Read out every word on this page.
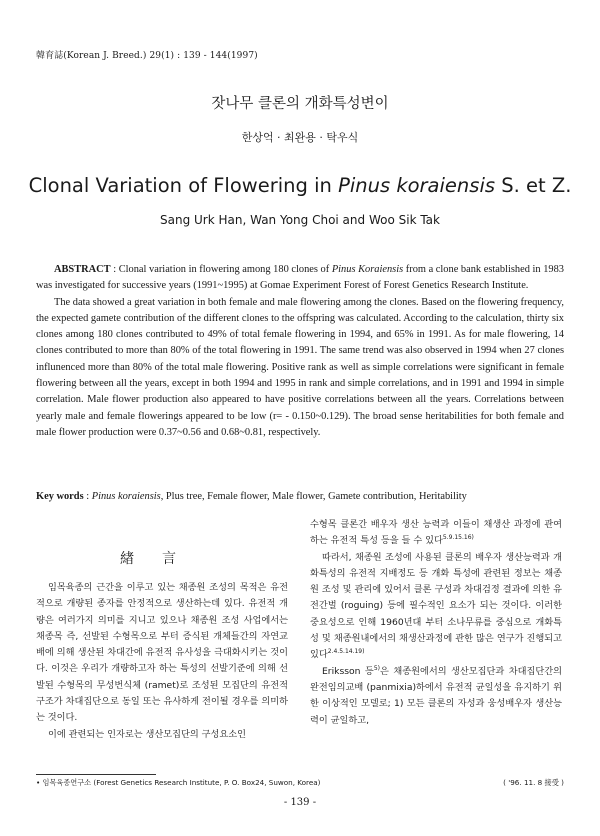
韓育誌(Korean J. Breed.) 29(1) : 139 - 144(1997)
잣나무 클론의 개화특성변이
한상억 · 최완용 · 탁우식
Clonal Variation of Flowering in Pinus koraiensis S. et Z.
Sang Urk Han, Wan Yong Choi and Woo Sik Tak

ABSTRACT : Clonal variation in flowering among 180 clones of Pinus Koraiensis from a clone bank established in 1983 was investigated for successive years (1991~1995) at Gomae Experiment Forest of Forest Genetics Research Institute.

The data showed a great variation in both female and male flowering among the clones. Based on the flowering frequency, the expected gamete contribution of the different clones to the offspring was calculated. According to the calculation, thirty six clones among 180 clones contributed to 49% of total female flowering in 1994, and 65% in 1991. As for male flowering, 14 clones contributed to more than 80% of the total flowering in 1991. The same trend was also observed in 1994 when 27 clones influnenced more than 80% of the total male flowering. Positive rank as well as simple correlations were significant in female flowering between all the years, except in both 1994 and 1995 in rank and simple correlations, and in 1991 and 1994 in simple correlation. Male flower production also appeared to have positive correlations between all the years. Correlations between yearly male and female flowerings appeared to be low (r= - 0.150~0.129). The broad sense heritabilities for both female and male flower production were 0.37~0.56 and 0.68~0.81, respectively.

Key words : Pinus koraiensis, Plus tree, Female flower, Male flower, Gamete contribution, Heritability
緖言

임목육종의 근간을 이루고 있는 채종원 조성의 목적은 유전적으로 개량된 종자를 안정적으로 생산하는데 있다. 유전적 개량은 여러가지 의미를 지니고 있으나 채종원 조성 사업에서는 채종목 즉, 선발된 수형목으로 부터 증식된 개체들간의 자연교배에 의해 생산된 차대간에 유전적 유사성을 극대화시키는 것이다. 이것은 우리가 개량하고자 하는 특성의 선발기준에 의해 선발된 수형목의 무성번식체 (ramet)로 조성된 모집단의 유전적 구조가 차대집단으로 동일 또는 유사하게 전이될 경우를 의미하는 것이다.

이에 관련되는 인자로는 생산모집단의 구성요소인

수형목 클론간 배우자 생산 능력과 이들이 채생산 과정에 관여하는 유전적 특성 등을 들 수 있다$^{5.9.15.16)}$

따라서, 채종원 조성에 사용된 클론의 배우자 생산능력과 개화특성의 유전적 지배정도 등 개화 특성에 관련된 정보는 채종원 조성 및 관리에 있어서 클론 구성과 차대검정 결과에 의한 유전간벌 (roguing) 등에 필수적인 요소가 되는 것이다. 이러한 중요성으로 인해 1960년대 부터 소나무류를 중심으로 개화특성 및 채종원내에서의 채생산과정에 관한 많은 연구가 진행되고 있다$^{2.4.5.14.19)}$

Eriksson 등$^{5)}$은 채종원에서의 생산모집단과 차대집단간의 완전임의교배 (panmixia)하에서 유전적 균일성을 유지하기 위한 이상적인 모델로; 1) 모든 클론의 자성과 웅성배우자 생산능력이 균일하고,

• 임목육종연구소 (Forest Genetics Research Institute, P. O. Box24, Suwon, Korea)	( '96. 11. 8 接受 )
- 139 -
